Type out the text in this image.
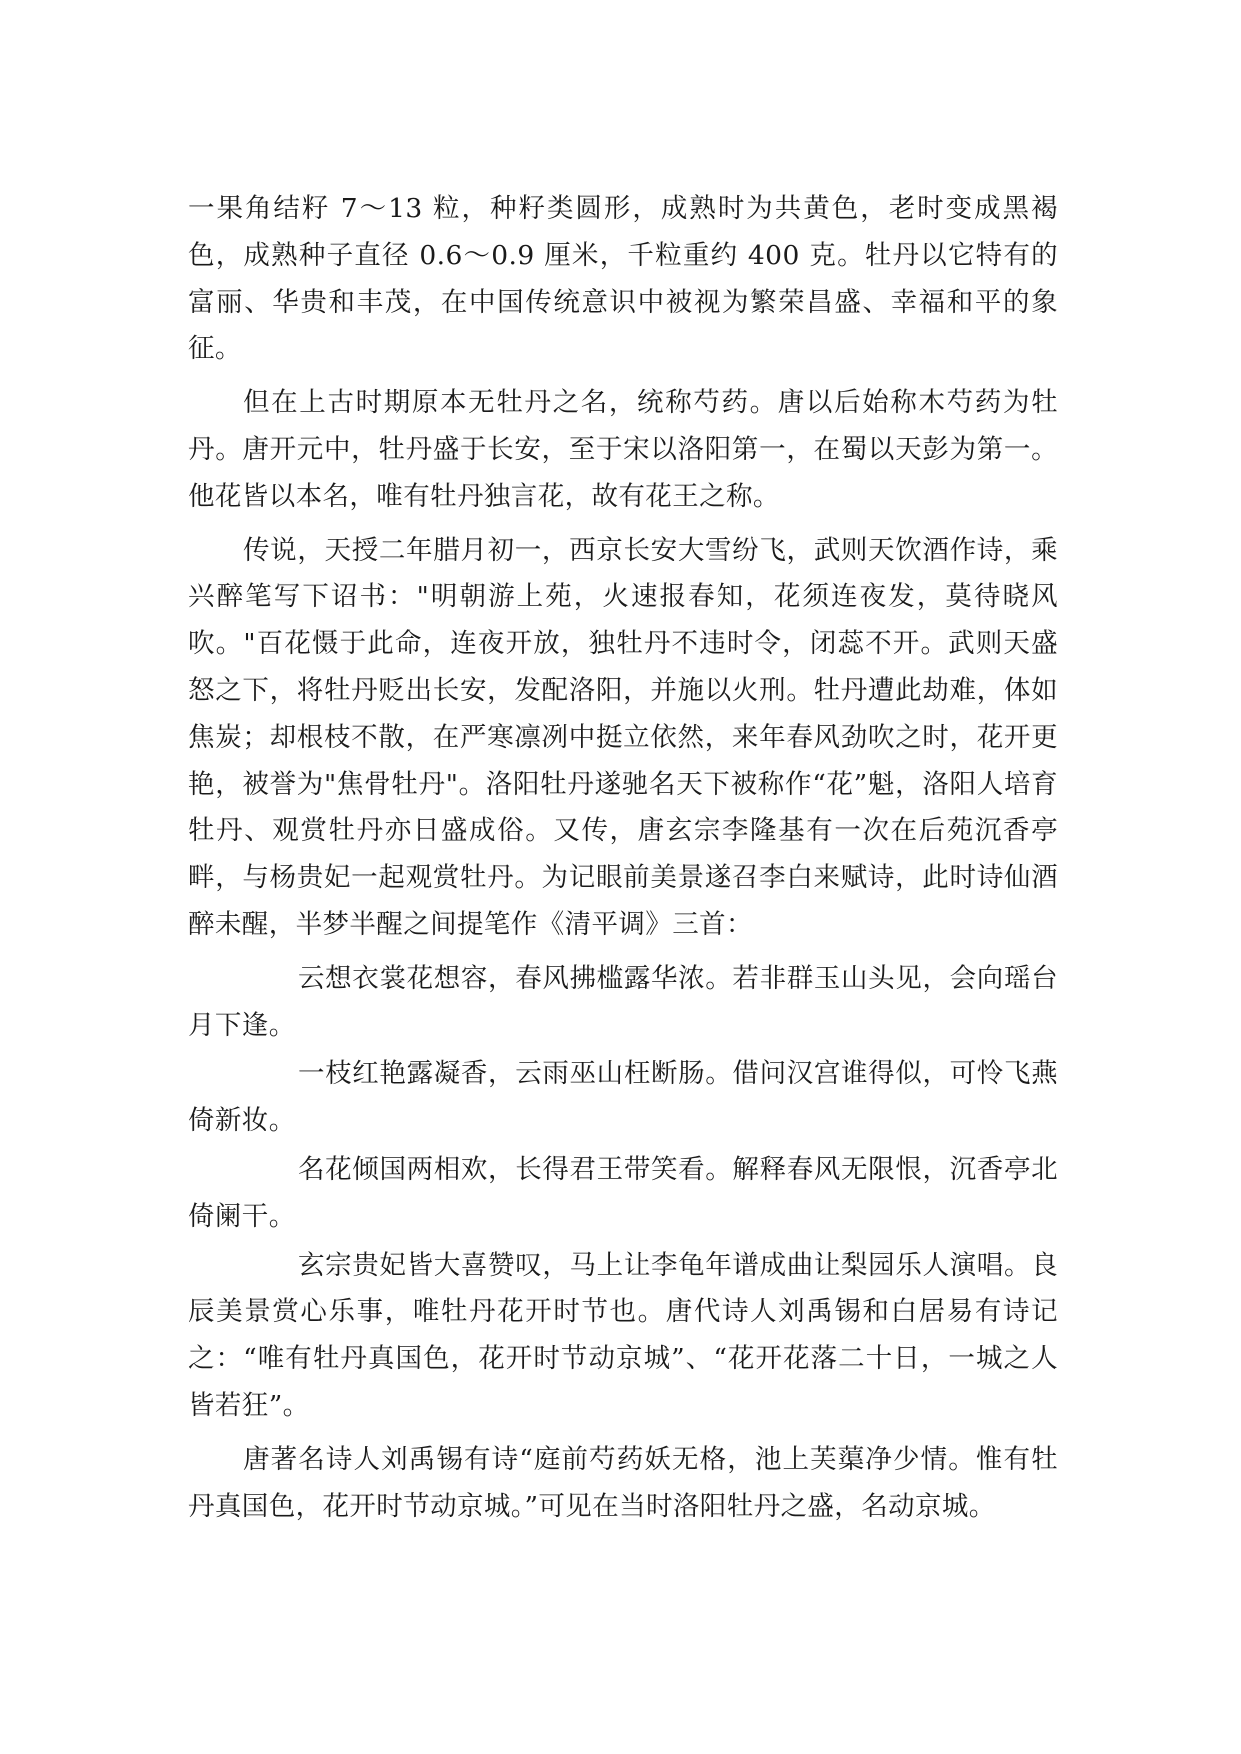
一果角结籽 7～13 粒，种籽类圆形，成熟时为共黄色，老时变成黑褐色，成熟种子直径 0.6～0.9 厘米，千粒重约 400 克。牡丹以它特有的富丽、华贵和丰茂，在中国传统意识中被视为繁荣昌盛、幸福和平的象征。

但在上古时期原本无牡丹之名，统称芍药。唐以后始称木芍药为牡丹。唐开元中，牡丹盛于长安，至于宋以洛阳第一，在蜀以天彭为第一。他花皆以本名，唯有牡丹独言花，故有花王之称。

传说，天授二年腊月初一，西京长安大雪纷飞，武则天饮酒作诗，乘兴醉笔写下诏书："明朝游上苑，火速报春知，花须连夜发，莫待晓风吹。"百花慑于此命，连夜开放，独牡丹不违时令，闭蕊不开。武则天盛怒之下，将牡丹贬出长安，发配洛阳，并施以火刑。牡丹遭此劫难，体如焦炭；却根枝不散，在严寒凛冽中挺立依然，来年春风劲吹之时，花开更艳，被誉为"焦骨牡丹"。洛阳牡丹遂驰名天下被称作“花”魁，洛阳人培育牡丹、观赏牡丹亦日盛成俗。又传，唐玄宗李隆基有一次在后苑沉香亭畔，与杨贵妃一起观赏牡丹。为记眼前美景遂召李白来赋诗，此时诗仙酒醉未醒，半梦半醒之间提笔作《清平调》三首：

云想衣裳花想容，春风拂槛露华浓。若非群玉山头见，会向瑶台月下逢。

一枝红艳露凝香，云雨巫山枉断肠。借问汉宫谁得似，可怜飞燕倚新妆。

名花倾国两相欢，长得君王带笑看。解释春风无限恨，沉香亭北倚阑干。

玄宗贵妃皆大喜赞叹，马上让李龟年谱成曲让梨园乐人演唱。良辰美景赏心乐事，唯牡丹花开时节也。唐代诗人刘禹锡和白居易有诗记之：“唯有牡丹真国色，花开时节动京城”、“花开花落二十日，一城之人皆若狂”。

唐著名诗人刘禹锡有诗“庭前芍药妖无格，池上芙蕖净少情。惟有牡丹真国色，花开时节动京城。”可见在当时洛阳牡丹之盛，名动京城。
